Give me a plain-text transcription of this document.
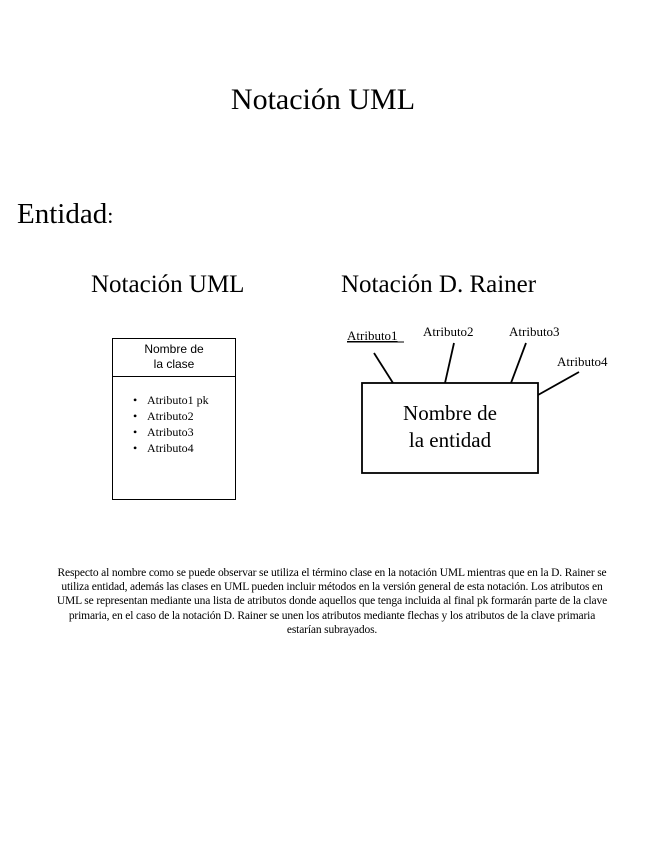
Notación UML
Entidad:
Notación UML	Notación D. Rainer
Nombre de
la clase
• Atributo1 pk
• Atributo2
• Atributo3
• Atributo4
Nombre de
la entidad
Atributo1 Atributo2	Atributo3
Atributo4
Respecto al nombre como se puede observar se utiliza el término clase en la notación UML mientras que en la D. Rainer se utiliza entidad, además las clases en UML pueden incluir métodos en la versión general de esta notación. Los atributos en UML se representan mediante una lista de atributos donde aquellos que tenga incluida al final pk formarán parte de la clave primaria, en el caso de la notación D. Rainer se unen los atributos mediante flechas y los atributos de la clave primaria estarían subrayados.
